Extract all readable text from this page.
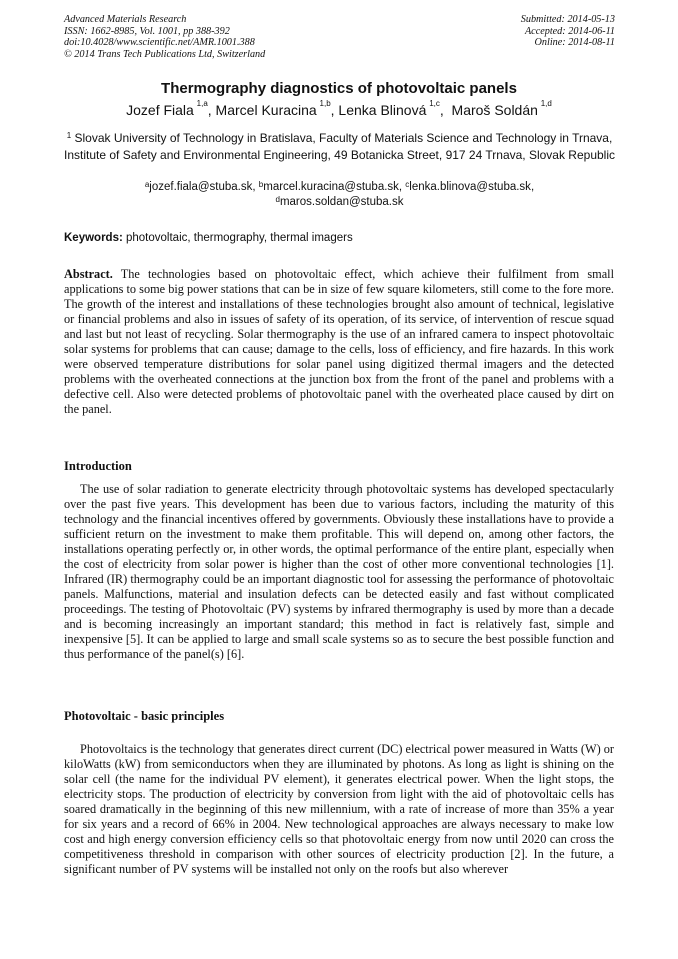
Advanced Materials Research
ISSN: 1662-8985, Vol. 1001, pp 388-392
doi:10.4028/www.scientific.net/AMR.1001.388
© 2014 Trans Tech Publications Ltd, Switzerland
Submitted: 2014-05-13
Accepted: 2014-06-11
Online: 2014-08-11
Thermography diagnostics of photovoltaic panels
Jozef Fiala  $^{1,a}$, Marcel Kuracina  $^{1,b}$, Lenka Blinová  $^{1,c}$,  Maroš Soldán  $^{1,d}$
$^1$ Slovak University of Technology in Bratislava, Faculty of Materials Science and Technology in Trnava, Institute of Safety and Environmental Engineering, 49 Botanicka Street, 917 24 Trnava, Slovak Republic
$^a$jozef.fiala@stuba.sk, $^b$marcel.kuracina@stuba.sk, $^c$lenka.blinova@stuba.sk,
$^d$maros.soldan@stuba.sk
Keywords: photovoltaic, thermography, thermal imagers
Abstract. The technologies based on photovoltaic effect, which achieve their fulfilment from small applications to some big power stations that can be in size of few square kilometers, still come to the fore more. The growth of the interest and installations of these technologies brought also amount of technical, legislative or financial problems and also in issues of safety of its operation, of its service, of intervention of rescue squad and last but not least of recycling. Solar thermography is the use of an infrared camera to inspect photovoltaic solar systems for problems that can cause; damage to the cells, loss of efficiency, and fire hazards. In this work were observed temperature distributions for solar panel using digitized thermal imagers and the detected problems with the overheated connections at the junction box from the front of the panel and problems with a defective cell. Also were detected problems of photovoltaic panel with the overheated place caused by dirt on the panel.
Introduction
The use of solar radiation to generate electricity through photovoltaic systems has developed spectacularly over the past five years. This development has been due to various factors, including the maturity of this technology and the financial incentives offered by governments. Obviously these installations have to provide a sufficient return on the investment to make them profitable. This will depend on, among other factors, the installations operating perfectly or, in other words, the optimal performance of the entire plant, especially when the cost of electricity from solar power is higher than the cost of other more conventional technologies [1]. Infrared (IR) thermography could be an important diagnostic tool for assessing the performance of photovoltaic panels. Malfunctions, material and insulation defects can be detected easily and fast without complicated proceedings. The testing of Photovoltaic (PV) systems by infrared thermography is used by more than a decade and is becoming increasingly an important standard; this method in fact is relatively fast, simple and inexpensive [5]. It can be applied to large and small scale systems so as to secure the best possible function and thus performance of the panel(s) [6].
Photovoltaic - basic principles
Photovoltaics is the technology that generates direct current (DC) electrical power measured in Watts (W) or kiloWatts (kW) from semiconductors when they are illuminated by photons. As long as light is shining on the solar cell (the name for the individual PV element), it generates electrical power. When the light stops, the electricity stops. The production of electricity by conversion from light with the aid of photovoltaic cells has soared dramatically in the beginning of this new millennium, with a rate of increase of more than 35% a year for six years and a record of 66% in 2004. New technological approaches are always necessary to make low cost and high energy conversion efficiency cells so that photovoltaic energy from now until 2020 can cross the competitiveness threshold in comparison with other sources of electricity production [2]. In the future, a significant number of PV systems will be installed not only on the roofs but also wherever
